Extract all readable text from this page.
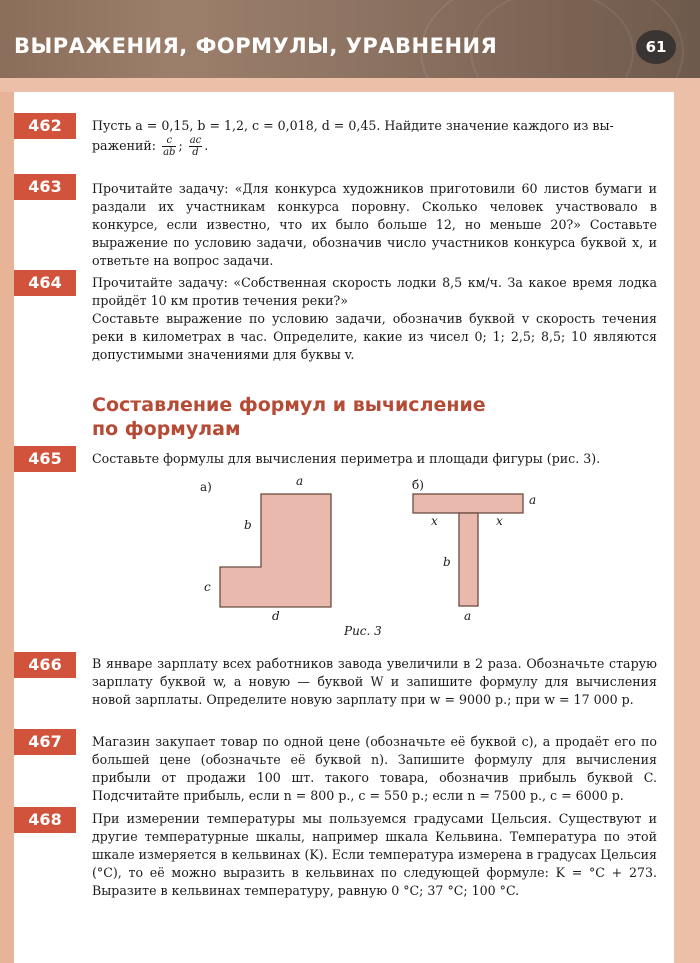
ВЫРАЖЕНИЯ, ФОРМУЛЫ, УРАВНЕНИЯ	61
462	Пусть a = 0,15, b = 1,2, c = 0,018, d = 0,45. Найдите значение каждого из вы-

ражений: $\frac{c}{ab}$ ; $\frac{ac}{d}$ .

463	Прочитайте задачу: «Для конкурса художников приготовили 60 листов бумаги и раздали их участникам конкурса поровну. Сколько человек участвовало в конкурсе, если известно, что их было больше 12, но меньше 20?» Составьте выражение по условию задачи, обозначив число участников конкурса буквой x, и ответьте на вопрос задачи.
464	Прочитайте задачу: «Собственная скорость лодки 8,5 км/ч. За какое время лодка пройдёт 10 км против течения реки?»

Составьте выражение по условию задачи, обозначив буквой v скорость течения реки в километрах в час. Определите, какие из чисел 0; 1; 2,5; 8,5; 10 являются допустимыми значениями для буквы v.

Составление формул и вычисление
по формулам
465	Составьте формулы для вычисления периметра и площади фигуры (рис. 3).
а)	a
b
c
d
б)
a
x	x
b
a
Рис. 3
466	В январе зарплату всех работников завода увеличили в 2 раза. Обозначьте старую зарплату буквой w, а новую — буквой W и запишите формулу для вычисления новой зарплаты. Определите новую зарплату при w = 9000 р.; при w = 17 000 р.
467	Магазин закупает товар по одной цене (обозначьте её буквой c), а продаёт его по большей цене (обозначьте её буквой n). Запишите формулу для вычисления прибыли от продажи 100 шт. такого товара, обозначив прибыль буквой C. Подсчитайте прибыль, если n = 800 р., c = 550 р.; если n = 7500 р., c = 6000 р.
468	При измерении температуры мы пользуемся градусами Цельсия. Существуют и другие температурные шкалы, например шкала Кельвина. Температура по этой шкале измеряется в кельвинах (K). Если температура измерена в градусах Цельсия (°C), то её можно выразить в кельвинах по следующей формуле: K = °C + 273. Выразите в кельвинах температуру, равную 0 °C; 37 °C; 100 °C.
